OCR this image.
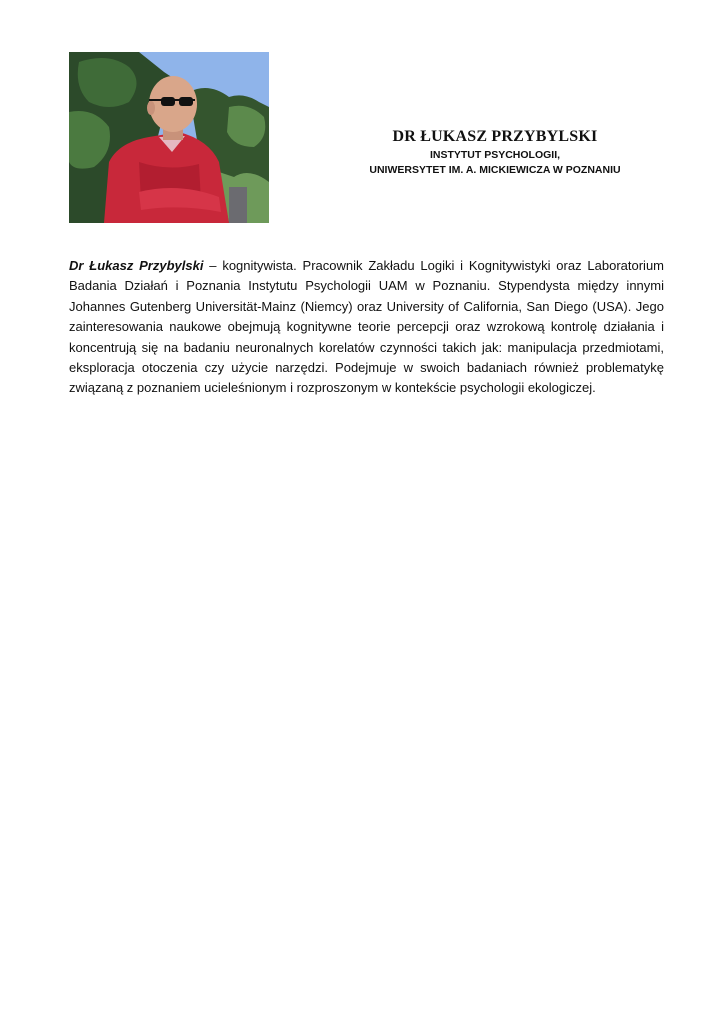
DR ŁUKASZ PRZYBYLSKI

INSTYTUT PSYCHOLOGII,

UNIWERSYTET IM. A. MICKIEWICZA W POZNANIU

Dr Łukasz Przybylski – kognitywista. Pracownik Zakładu Logiki i Kognitywistyki oraz Laboratorium Badania Działań i Poznania Instytutu Psychologii UAM w Poznaniu. Stypendysta między innymi Johannes Gutenberg Universität-Mainz (Niemcy) oraz University of California, San Diego (USA). Jego zainteresowania naukowe obejmują kognitywne teorie percepcji oraz wzrokową kontrolę działania i koncentrują się na badaniu neuronalnych korelatów czynności takich jak: manipulacja przedmiotami, eksploracja otoczenia czy użycie narzędzi. Podejmuje w swoich badaniach również problematykę związaną z poznaniem ucieleśnionym i rozproszonym w kontekście psychologii ekologiczej.
